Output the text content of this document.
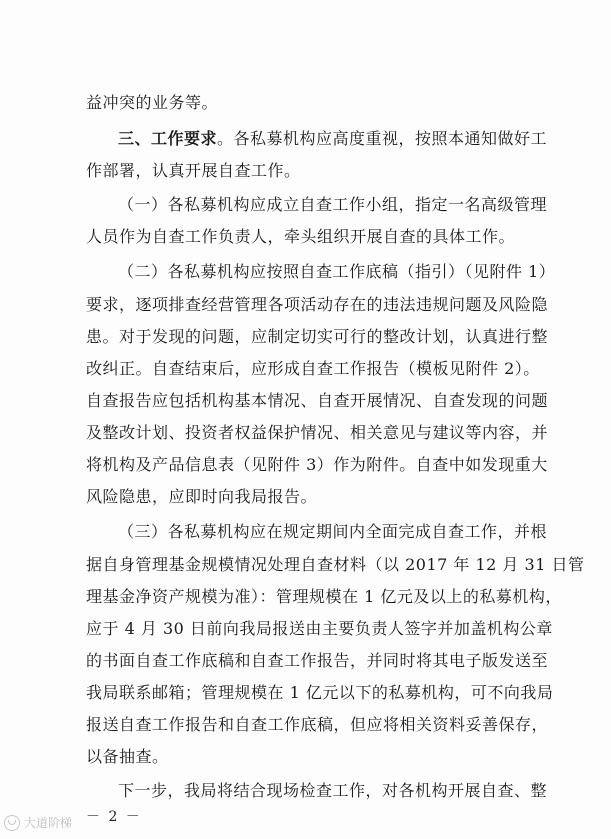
益冲突的业务等。
三、工作要求。各私募机构应高度重视，按照本通知做好工
作部署，认真开展自查工作。
（一）各私募机构应成立自查工作小组，指定一名高级管理
人员作为自查工作负责人，牵头组织开展自查的具体工作。
（二）各私募机构应按照自查工作底稿（指引）（见附件 1）
要求，逐项排查经营管理各项活动存在的违法违规问题及风险隐
患。对于发现的问题，应制定切实可行的整改计划，认真进行整
改纠正。自查结束后，应形成自查工作报告（模板见附件 2）。
自查报告应包括机构基本情况、自查开展情况、自查发现的问题
及整改计划、投资者权益保护情况、相关意见与建议等内容，并
将机构及产品信息表（见附件 3）作为附件。自查中如发现重大
风险隐患，应即时向我局报告。
（三）各私募机构应在规定期间内全面完成自查工作，并根
据自身管理基金规模情况处理自查材料（以 2017 年 12 月 31 日管
理基金净资产规模为准）：管理规模在 1 亿元及以上的私募机构，
应于 4 月 30 日前向我局报送由主要负责人签字并加盖机构公章
的书面自查工作底稿和自查工作报告，并同时将其电子版发送至
我局联系邮箱；管理规模在 1 亿元以下的私募机构，可不向我局
报送自查工作报告和自查工作底稿，但应将相关资料妥善保存，
以备抽查。
下一步，我局将结合现场检查工作，对各机构开展自查、整
－ 2 －
大道阶梯
